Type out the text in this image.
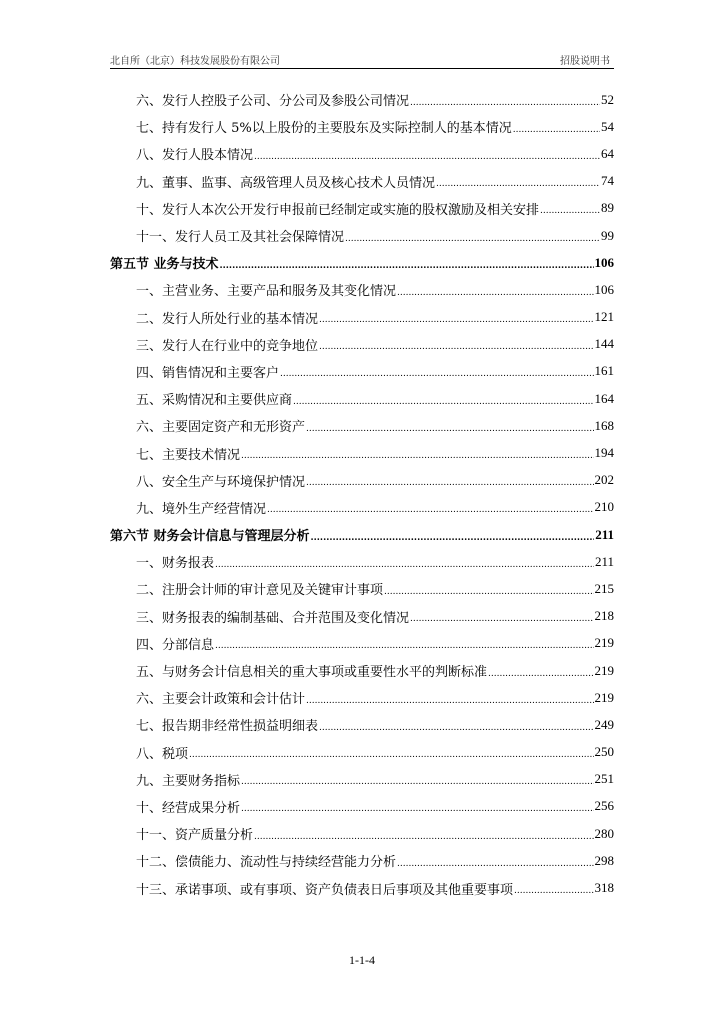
北自所（北京）科技发展股份有限公司	招股说明书
六、发行人控股子公司、分公司及参股公司情况 .....	52
七、持有发行人 5%以上股份的主要股东及实际控制人的基本情况 .....	54
八、发行人股本情况 .....	64
九、董事、监事、高级管理人员及核心技术人员情况 .....	74
十、发行人本次公开发行申报前已经制定或实施的股权激励及相关安排 .....	89
十一、发行人员工及其社会保障情况 .....	99
第五节 业务与技术 .....	106
一、主营业务、主要产品和服务及其变化情况 .....	106
二、发行人所处行业的基本情况 .....	121
三、发行人在行业中的竞争地位 .....	144
四、销售情况和主要客户 .....	161
五、采购情况和主要供应商 .....	164
六、主要固定资产和无形资产 .....	168
七、主要技术情况 .....	194
八、安全生产与环境保护情况 .....	202
九、境外生产经营情况 .....	210
第六节 财务会计信息与管理层分析 .....	211
一、财务报表 .....	211
二、注册会计师的审计意见及关键审计事项 .....	215
三、财务报表的编制基础、合并范围及变化情况 .....	218
四、分部信息 .....	219
五、与财务会计信息相关的重大事项或重要性水平的判断标准 .....	219
六、主要会计政策和会计估计 .....	219
七、报告期非经常性损益明细表 .....	249
八、税项 .....	250
九、主要财务指标 .....	251
十、经营成果分析 .....	256
十一、资产质量分析 .....	280
十二、偿债能力、流动性与持续经营能力分析 .....	298
十三、承诺事项、或有事项、资产负债表日后事项及其他重要事项 .....	318
1-1-4
